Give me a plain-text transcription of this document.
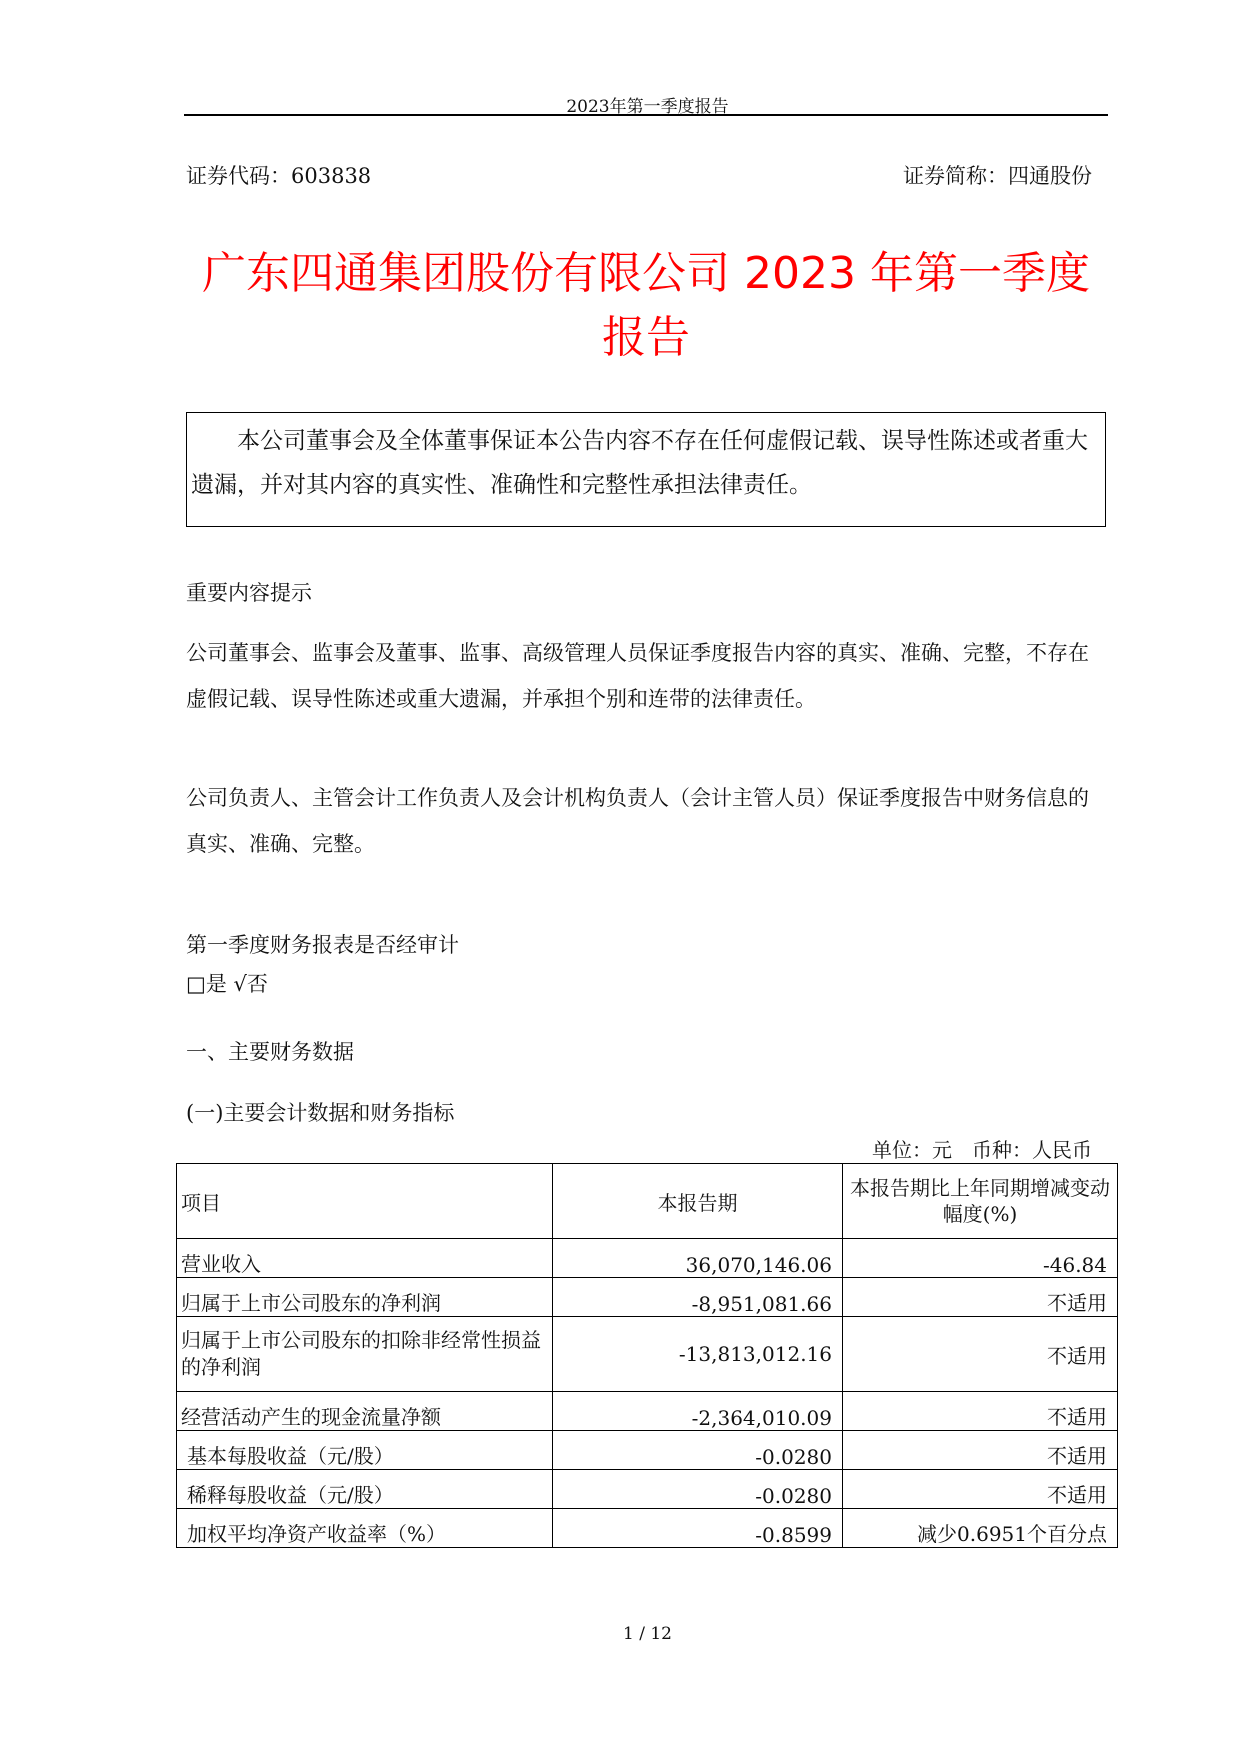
2023年第一季度报告
证券代码：603838	证券简称：四通股份
广东四通集团股份有限公司 2023 年第一季度报告

本公司董事会及全体董事保证本公告内容不存在任何虚假记载、误导性陈述或者重大遗漏，并对其内容的真实性、准确性和完整性承担法律责任。

重要内容提示
公司董事会、监事会及董事、监事、高级管理人员保证季度报告内容的真实、准确、完整，不存在虚假记载、误导性陈述或重大遗漏，并承担个别和连带的法律责任。
公司负责人、主管会计工作负责人及会计机构负责人（会计主管人员）保证季度报告中财务信息的真实、准确、完整。
第一季度财务报表是否经审计
□是 √否
一、主要财务数据
(一)主要会计数据和财务指标
单位：元　币种：人民币
项目	本报告期	本报告期比上年同期增减变动幅度(%)
营业收入	36,070,146.06	-46.84
归属于上市公司股东的净利润	-8,951,081.66	不适用
归属于上市公司股东的扣除非经常性损益的净利润	-13,813,012.16	不适用
经营活动产生的现金流量净额	-2,364,010.09	不适用
基本每股收益（元/股）	-0.0280	不适用
稀释每股收益（元/股）	-0.0280	不适用
加权平均净资产收益率（%）	-0.8599	减少0.6951个百分点
1 / 12
